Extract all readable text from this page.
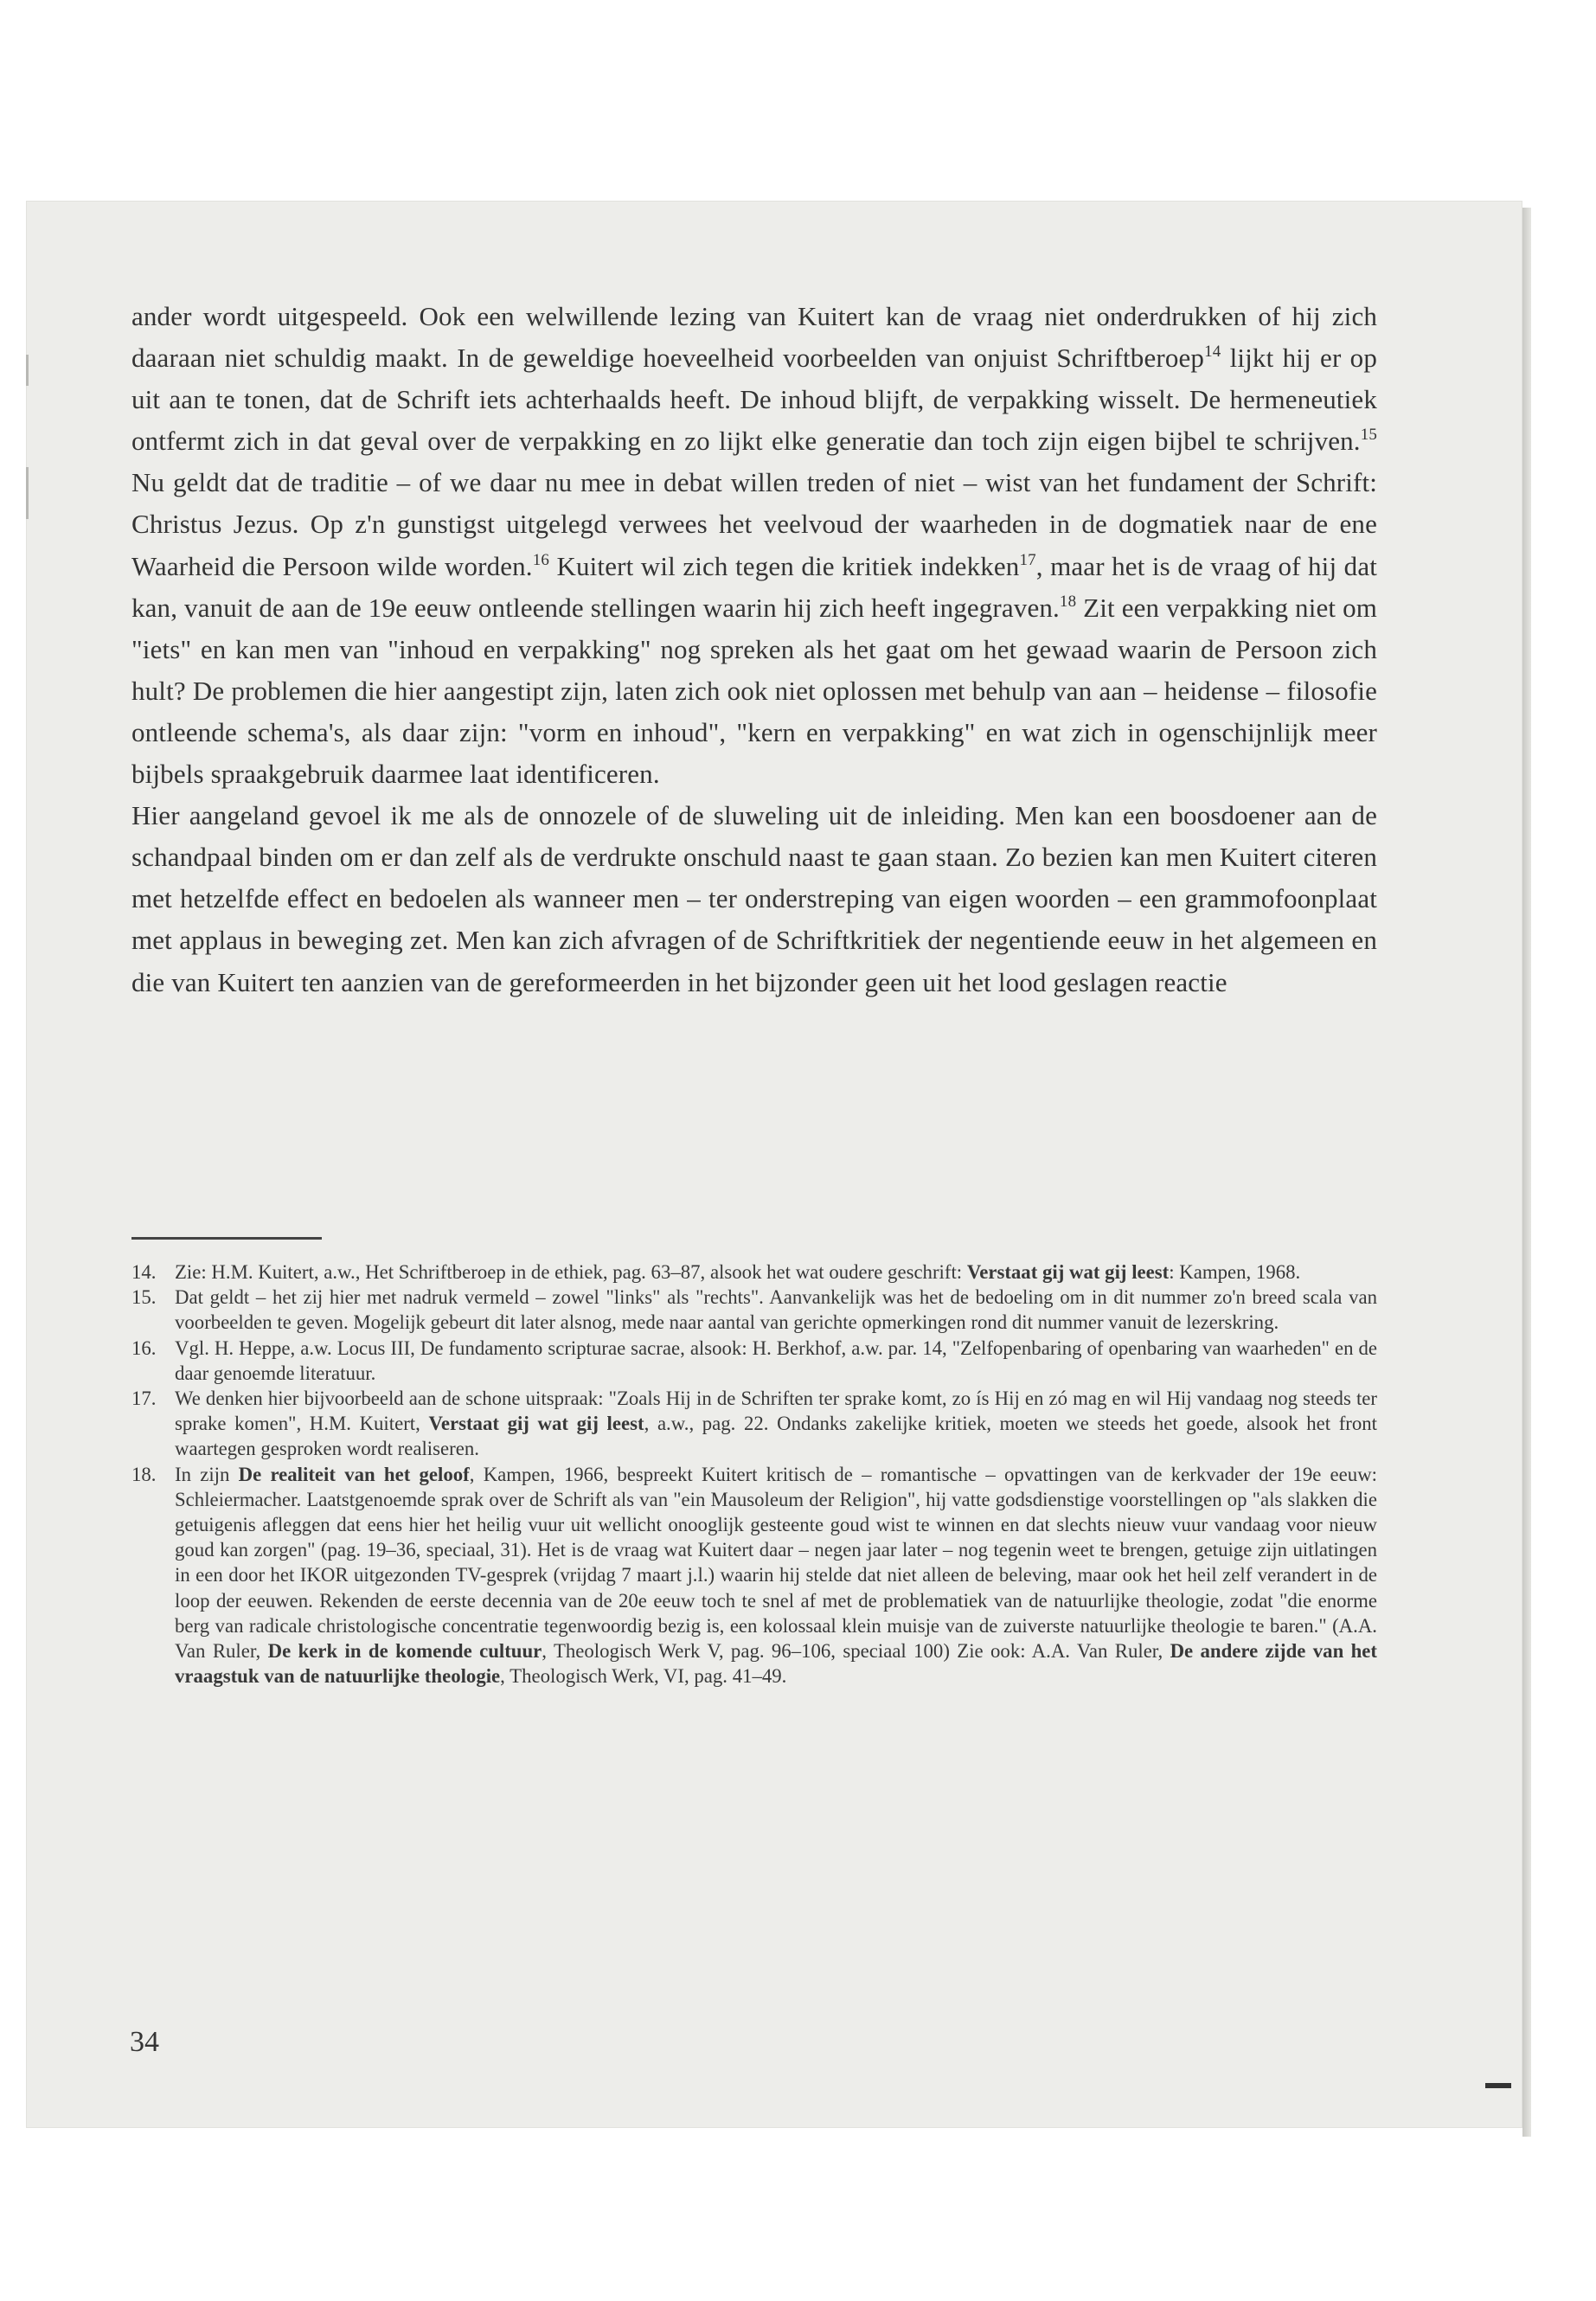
ander wordt uitgespeeld. Ook een welwillende lezing van Kuitert kan de vraag niet onderdrukken of hij zich daaraan niet schuldig maakt. In de geweldige hoeveelheid voorbeelden van onjuist Schriftberoep$^{14}$ lijkt hij er op uit aan te tonen, dat de Schrift iets achterhaalds heeft. De inhoud blijft, de verpakking wisselt. De hermeneutiek ontfermt zich in dat geval over de verpakking en zo lijkt elke generatie dan toch zijn eigen bijbel te schrijven.$^{15}$ Nu geldt dat de traditie – of we daar nu mee in debat willen treden of niet – wist van het fundament der Schrift: Christus Jezus. Op z'n gunstigst uitgelegd verwees het veelvoud der waarheden in de dogmatiek naar de ene Waarheid die Persoon wilde worden.$^{16}$ Kuitert wil zich tegen die kritiek indekken$^{17}$, maar het is de vraag of hij dat kan, vanuit de aan de 19e eeuw ontleende stellingen waarin hij zich heeft ingegraven.$^{18}$ Zit een verpakking niet om "iets" en kan men van "inhoud en verpakking" nog spreken als het gaat om het gewaad waarin de Persoon zich hult? De problemen die hier aangestipt zijn, laten zich ook niet oplossen met behulp van aan – heidense – filosofie ontleende schema's, als daar zijn: "vorm en inhoud", "kern en verpakking" en wat zich in ogenschijnlijk meer bijbels spraakgebruik daarmee laat identificeren.

Hier aangeland gevoel ik me als de onnozele of de sluweling uit de inleiding. Men kan een boosdoener aan de schandpaal binden om er dan zelf als de verdrukte onschuld naast te gaan staan. Zo bezien kan men Kuitert citeren met hetzelfde effect en bedoelen als wanneer men – ter onderstreping van eigen woorden – een grammofoonplaat met applaus in beweging zet. Men kan zich afvragen of de Schriftkritiek der negentiende eeuw in het algemeen en die van Kuitert ten aanzien van de gereformeerden in het bijzonder geen uit het lood geslagen reactie

14. Zie: H.M. Kuitert, a.w., Het Schriftberoep in de ethiek, pag. 63–87, alsook het wat oudere geschrift: Verstaat gij wat gij leest: Kampen, 1968.
15. Dat geldt – het zij hier met nadruk vermeld – zowel "links" als "rechts". Aanvankelijk was het de bedoeling om in dit nummer zo'n breed scala van voorbeelden te geven. Mogelijk gebeurt dit later alsnog, mede naar aantal van gerichte opmerkingen rond dit nummer vanuit de lezerskring.
16. Vgl. H. Heppe, a.w. Locus III, De fundamento scripturae sacrae, alsook: H. Berkhof, a.w. par. 14, "Zelfopenbaring of openbaring van waarheden" en de daar genoemde literatuur.
17. We denken hier bijvoorbeeld aan de schone uitspraak: "Zoals Hij in de Schriften ter sprake komt, zo ís Hij en zó mag en wil Hij vandaag nog steeds ter sprake komen", H.M. Kuitert, Verstaat gij wat gij leest, a.w., pag. 22. Ondanks zakelijke kritiek, moeten we steeds het goede, alsook het front waartegen gesproken wordt realiseren.
18. In zijn De realiteit van het geloof, Kampen, 1966, bespreekt Kuitert kritisch de – romantische – opvattingen van de kerkvader der 19e eeuw: Schleiermacher. Laatstgenoemde sprak over de Schrift als van "ein Mausoleum der Religion", hij vatte godsdienstige voorstellingen op "als slakken die getuigenis afleggen dat eens hier het heilig vuur uit wellicht onooglijk gesteente goud wist te winnen en dat slechts nieuw vuur vandaag voor nieuw goud kan zorgen" (pag. 19–36, speciaal, 31). Het is de vraag wat Kuitert daar – negen jaar later – nog tegenin weet te brengen, getuige zijn uitlatingen in een door het IKOR uitgezonden TV-gesprek (vrijdag 7 maart j.l.) waarin hij stelde dat niet alleen de beleving, maar ook het heil zelf verandert in de loop der eeuwen. Rekenden de eerste decennia van de 20e eeuw toch te snel af met de problematiek van de natuurlijke theologie, zodat "die enorme berg van radicale christologische concentratie tegenwoordig bezig is, een kolossaal klein muisje van de zuiverste natuurlijke theologie te baren." (A.A. Van Ruler, De kerk in de komende cultuur, Theologisch Werk V, pag. 96–106, speciaal 100) Zie ook: A.A. Van Ruler, De andere zijde van het vraagstuk van de natuurlijke theologie, Theologisch Werk, VI, pag. 41–49.
34
